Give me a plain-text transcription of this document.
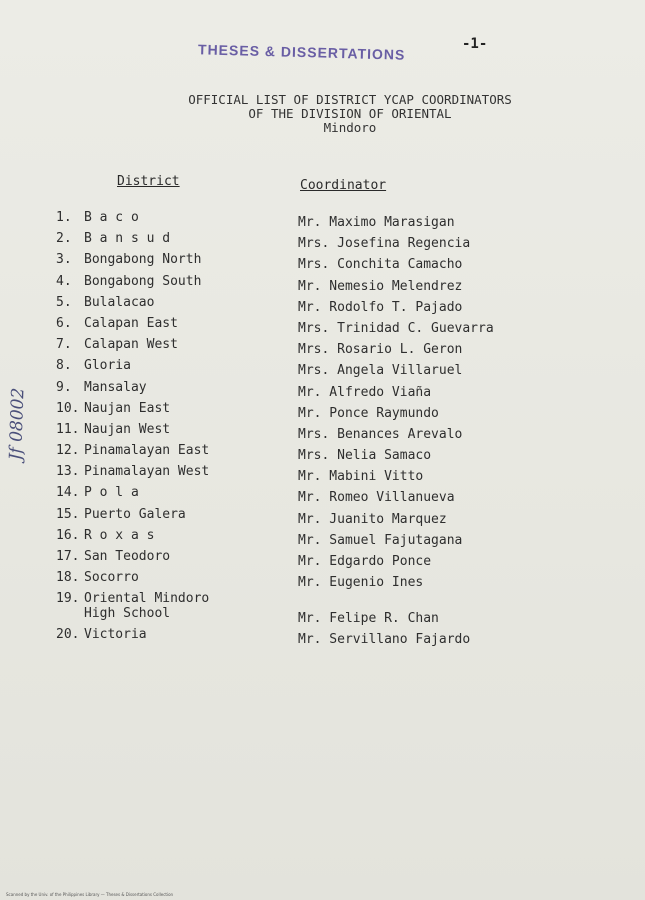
THESES & DISSERTATIONS	-1-
OFFICIAL LIST OF DISTRICT YCAP COORDINATORS
OF THE DIVISION OF ORIENTAL
Mindoro
District	Coordinator
1. B a c o
2. B a n s u d
3. Bongabong North
4. Bongabong South
5. Bulalacao
6. Calapan East
7. Calapan West
8. Gloria
9. Mansalay
10. Naujan East
11. Naujan West
12. Pinamalayan East
13. Pinamalayan West
14. P o l a
15. Puerto Galera
16. R o x a s
17. San Teodoro
18. Socorro
19. Oriental Mindoro
High School
20. Victoria
Mr. Maximo Marasigan
Mrs. Josefina Regencia
Mrs. Conchita Camacho
Mr. Nemesio Melendrez
Mr. Rodolfo T. Pajado
Mrs. Trinidad C. Guevarra
Mrs. Rosario L. Geron
Mrs. Angela Villaruel
Mr. Alfredo Viaña
Mr. Ponce Raymundo
Mrs. Benances Arevalo
Mrs. Nelia Samaco
Mr. Mabini Vitto
Mr. Romeo Villanueva
Mr. Juanito Marquez
Mr. Samuel Fajutagana
Mr. Edgardo Ponce
Mr. Eugenio Ines
Mr. Felipe R. Chan
Mr. Servillano Fajardo
Jf 08002
Scanned by the Univ. of the Philippines Library — Theses & Dissertations Collection
